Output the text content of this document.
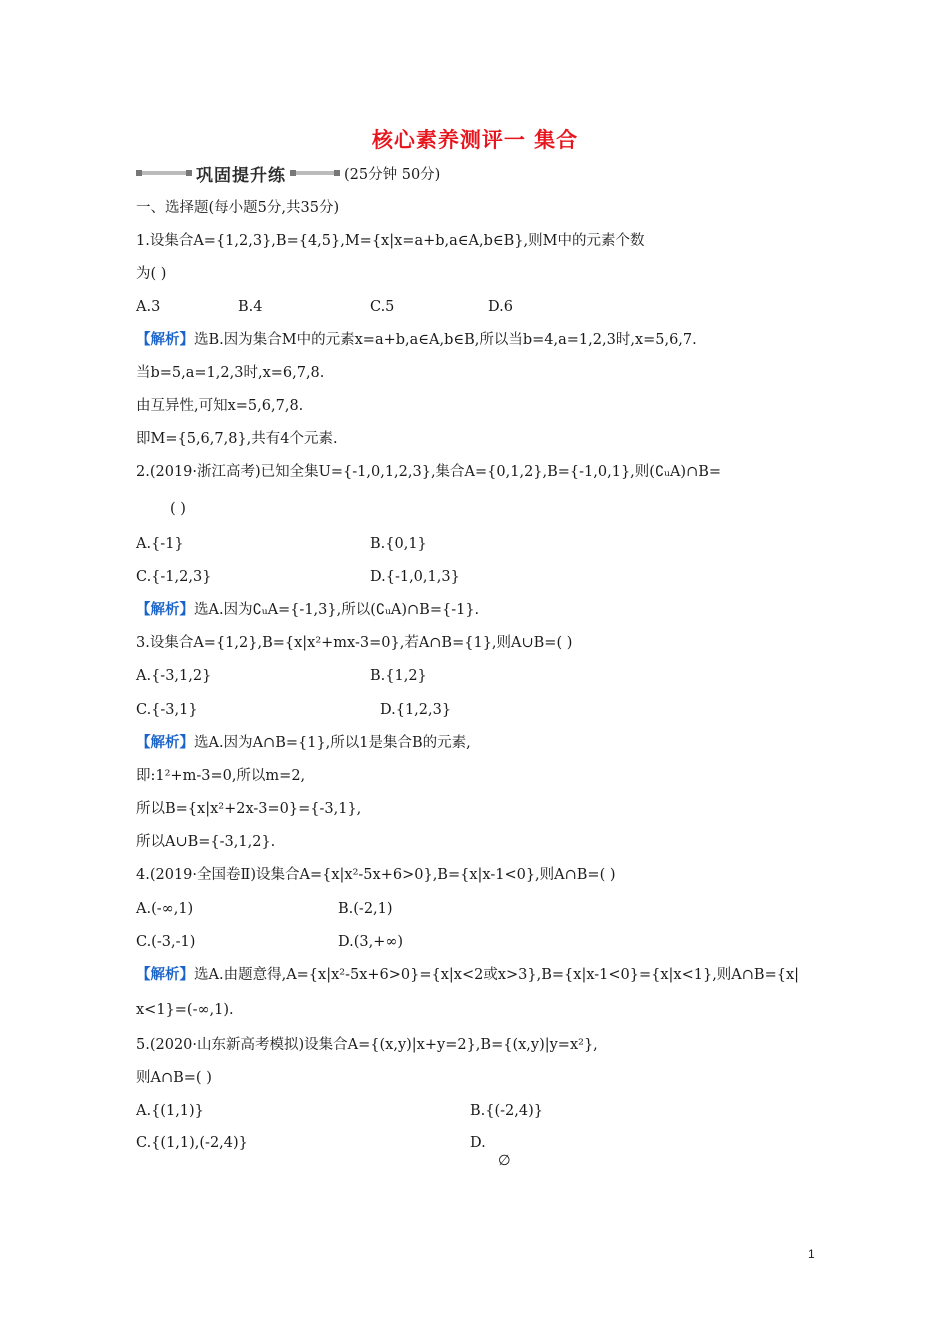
核心素养测评一 集合
巩固提升练	(25分钟 50分)
一、选择题(每小题5分,共35分)
1.设集合A={1,2,3},B={4,5},M={x|x=a+b,a∈A,b∈B},则M中的元素个数
为( )
A.3	B.4	C.5	D.6
【解析】选B.因为集合M中的元素x=a+b,a∈A,b∈B,所以当b=4,a=1,2,3时,x=5,6,7.
当b=5,a=1,2,3时,x=6,7,8.
由互异性,可知x=5,6,7,8.
即M={5,6,7,8},共有4个元素.
2.(2019·浙江高考)已知全集U={-1,0,1,2,3},集合A={0,1,2},B={-1,0,1},则(∁ᵤA)∩B=
( )
A.{-1}	B.{0,1}
C.{-1,2,3}	D.{-1,0,1,3}
【解析】选A.因为∁ᵤA={-1,3},所以(∁ᵤA)∩B={-1}.
3.设集合A={1,2},B={x|x²+mx-3=0},若A∩B={1},则A∪B=( )
A.{-3,1,2}	B.{1,2}
C.{-3,1}	D.{1,2,3}
【解析】选A.因为A∩B={1},所以1是集合B的元素,
即:1²+m-3=0,所以m=2,
所以B={x|x²+2x-3=0}={-3,1},
所以A∪B={-3,1,2}.
4.(2019·全国卷Ⅱ)设集合A={x|x²-5x+6>0},B={x|x-1<0},则A∩B=( )
A.(-∞,1)	B.(-2,1)
C.(-3,-1)	D.(3,+∞)
【解析】选A.由题意得,A={x|x²-5x+6>0}={x|x<2或x>3},B={x|x-1<0}={x|x<1},则A∩B={x|
x<1}=(-∞,1).
5.(2020·山东新高考模拟)设集合A={(x,y)|x+y=2},B={(x,y)|y=x²},
则A∩B=( )
A.{(1,1)}	B.{(-2,4)}
C.{(1,1),(-2,4)}	D.
∅
1
